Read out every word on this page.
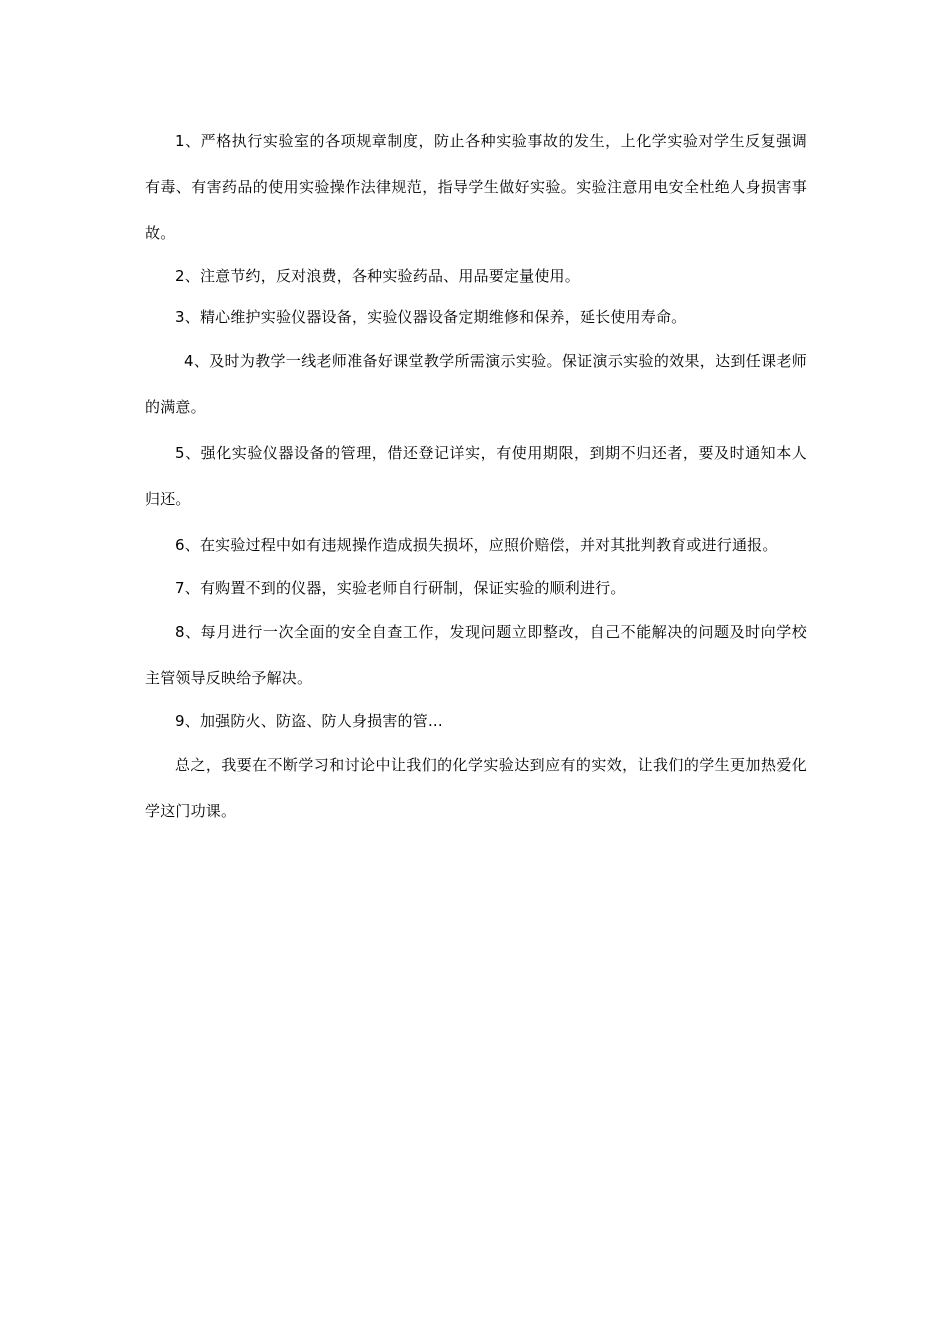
1、严格执行实验室的各项规章制度，防止各种实验事故的发生，上化学实验对学生反复强调有毒、有害药品的使用实验操作法律规范，指导学生做好实验。实验注意用电安全杜绝人身损害事故。

2、注意节约，反对浪费，各种实验药品、用品要定量使用。

3、精心维护实验仪器设备，实验仪器设备定期维修和保养，延长使用寿命。

4、及时为教学一线老师准备好课堂教学所需演示实验。保证演示实验的效果，达到任课老师的满意。

5、强化实验仪器设备的管理，借还登记详实，有使用期限，到期不归还者，要及时通知本人归还。

6、在实验过程中如有违规操作造成损失损坏，应照价赔偿，并对其批判教育或进行通报。

7、有购置不到的仪器，实验老师自行研制，保证实验的顺利进行。

8、每月进行一次全面的安全自查工作，发现问题立即整改，自己不能解决的问题及时向学校主管领导反映给予解决。

9、加强防火、防盗、防人身损害的管...

总之，我要在不断学习和讨论中让我们的化学实验达到应有的实效，让我们的学生更加热爱化学这门功课。
